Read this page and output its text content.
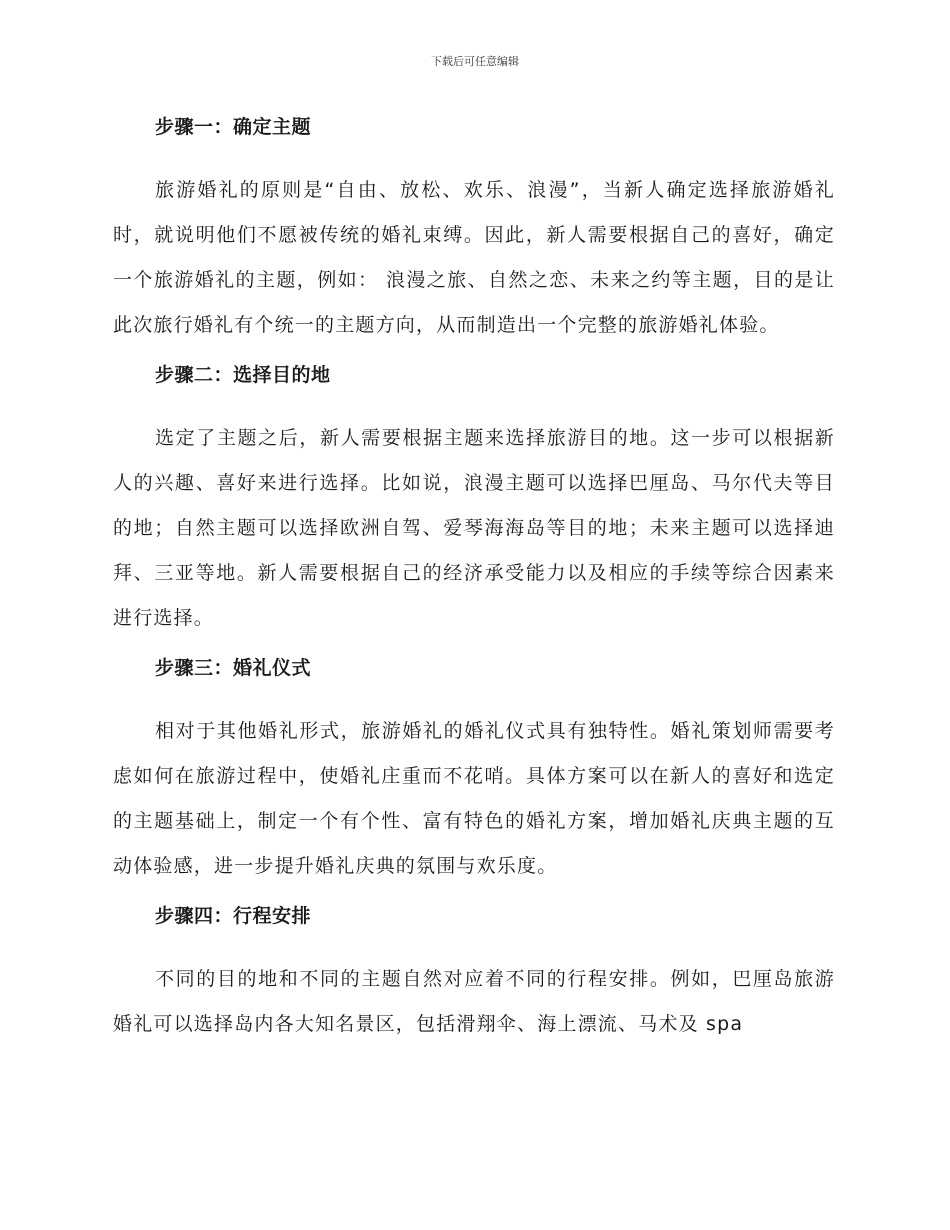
下载后可任意编辑
步骤一：确定主题
旅游婚礼的原则是“自由、放松、欢乐、浪漫”，当新人确定选择旅游婚礼时，就说明他们不愿被传统的婚礼束缚。因此，新人需要根据自己的喜好，确定一个旅游婚礼的主题，例如： 浪漫之旅、自然之恋、未来之约等主题，目的是让此次旅行婚礼有个统一的主题方向，从而制造出一个完整的旅游婚礼体验。
步骤二：选择目的地
选定了主题之后，新人需要根据主题来选择旅游目的地。这一步可以根据新人的兴趣、喜好来进行选择。比如说，浪漫主题可以选择巴厘岛、马尔代夫等目的地；自然主题可以选择欧洲自驾、爱琴海海岛等目的地；未来主题可以选择迪拜、三亚等地。新人需要根据自己的经济承受能力以及相应的手续等综合因素来进行选择。
步骤三：婚礼仪式
相对于其他婚礼形式，旅游婚礼的婚礼仪式具有独特性。婚礼策划师需要考虑如何在旅游过程中，使婚礼庄重而不花哨。具体方案可以在新人的喜好和选定的主题基础上，制定一个有个性、富有特色的婚礼方案，增加婚礼庆典主题的互动体验感，进一步提升婚礼庆典的氛围与欢乐度。
步骤四：行程安排
不同的目的地和不同的主题自然对应着不同的行程安排。例如，巴厘岛旅游婚礼可以选择岛内各大知名景区，包括滑翔伞、海上漂流、马术及 spa
